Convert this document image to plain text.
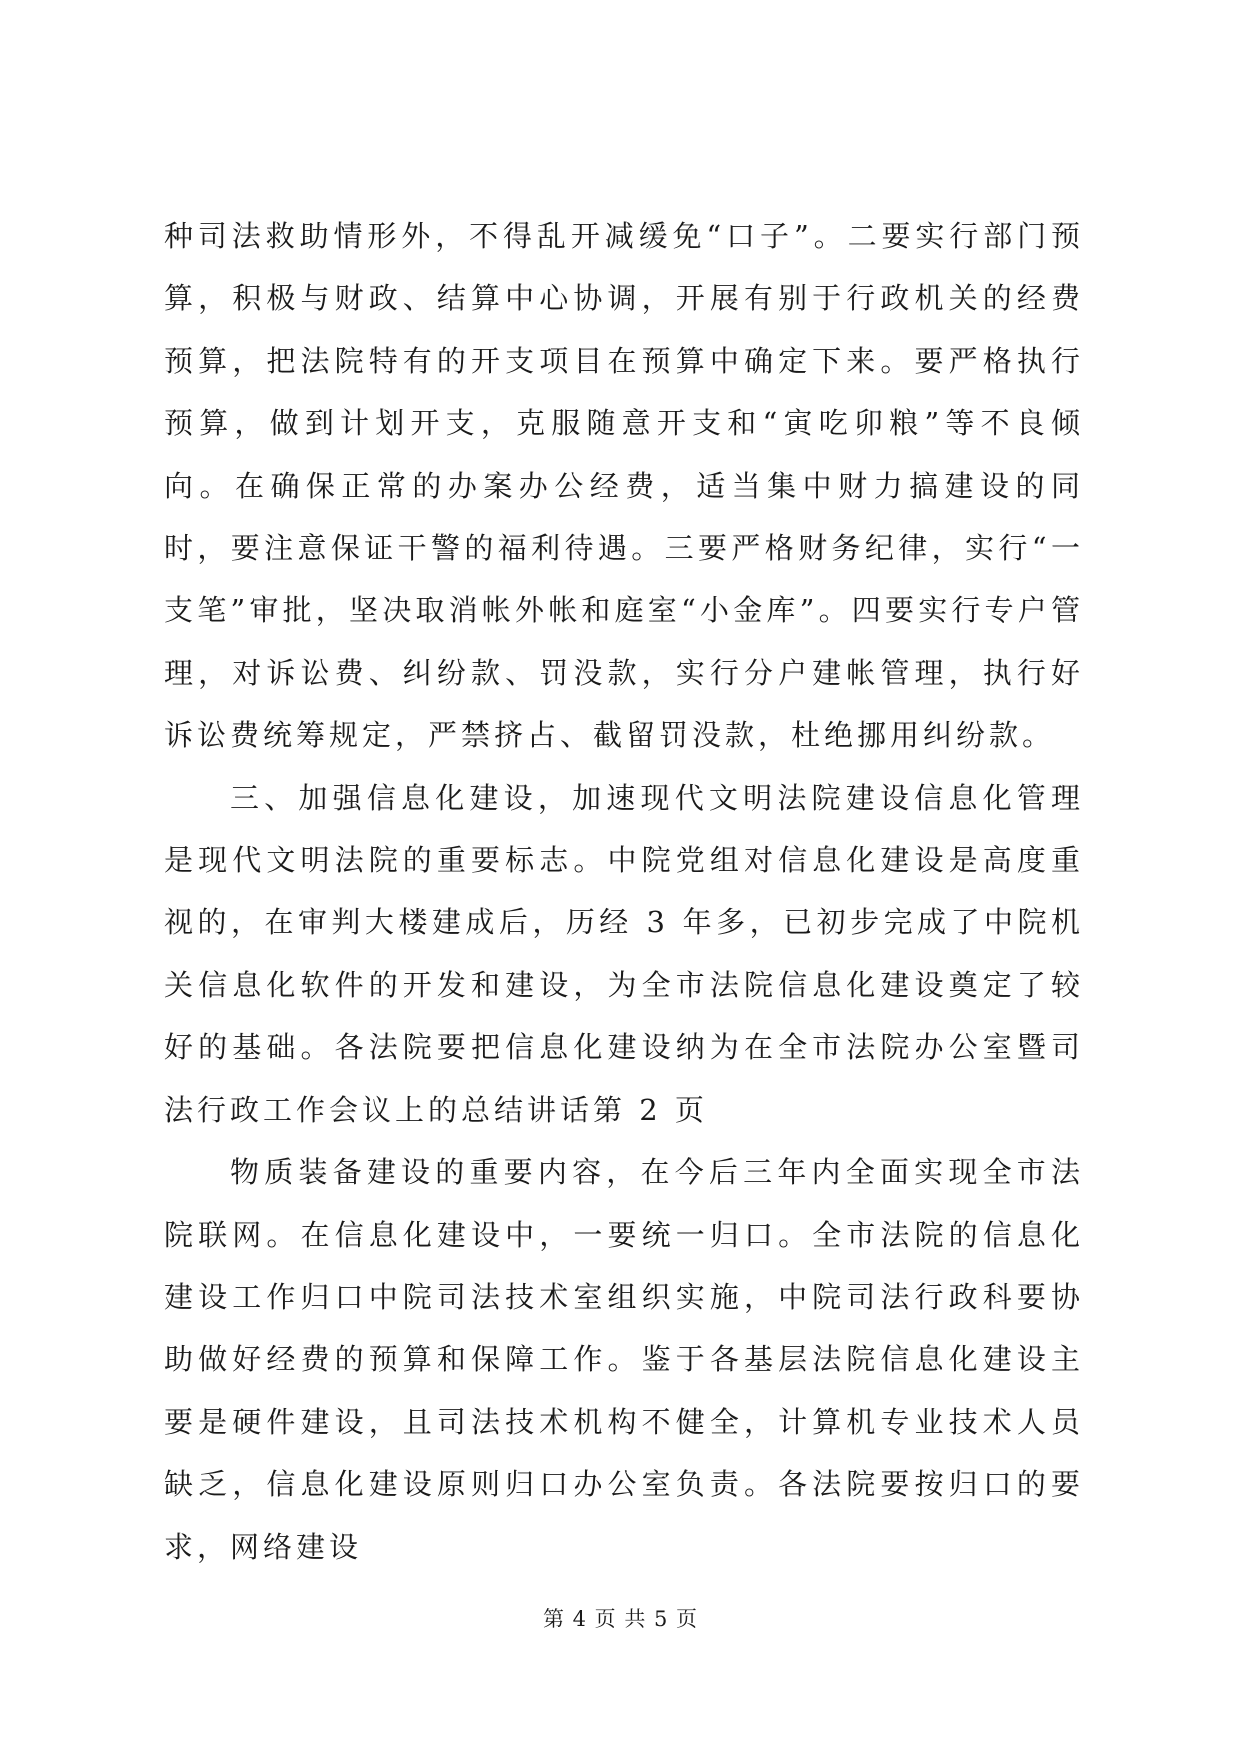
种司法救助情形外，不得乱开减缓免“口子”。二要实行部门预算，积极与财政、结算中心协调，开展有别于行政机关的经费预算，把法院特有的开支项目在预算中确定下来。要严格执行预算，做到计划开支，克服随意开支和“寅吃卯粮”等不良倾向。在确保正常的办案办公经费，适当集中财力搞建设的同时，要注意保证干警的福利待遇。三要严格财务纪律，实行“一支笔”审批，坚决取消帐外帐和庭室“小金库”。四要实行专户管理，对诉讼费、纠纷款、罚没款，实行分户建帐管理，执行好诉讼费统筹规定，严禁挤占、截留罚没款，杜绝挪用纠纷款。

三、加强信息化建设，加速现代文明法院建设信息化管理是现代文明法院的重要标志。中院党组对信息化建设是高度重视的，在审判大楼建成后，历经 3 年多，已初步完成了中院机关信息化软件的开发和建设，为全市法院信息化建设奠定了较好的基础。各法院要把信息化建设纳为在全市法院办公室暨司法行政工作会议上的总结讲话第 2 页

物质装备建设的重要内容，在今后三年内全面实现全市法院联网。在信息化建设中，一要统一归口。全市法院的信息化建设工作归口中院司法技术室组织实施，中院司法行政科要协助做好经费的预算和保障工作。鉴于各基层法院信息化建设主要是硬件建设，且司法技术机构不健全，计算机专业技术人员缺乏，信息化建设原则归口办公室负责。各法院要按归口的要求，网络建设

第 4 页 共 5 页
